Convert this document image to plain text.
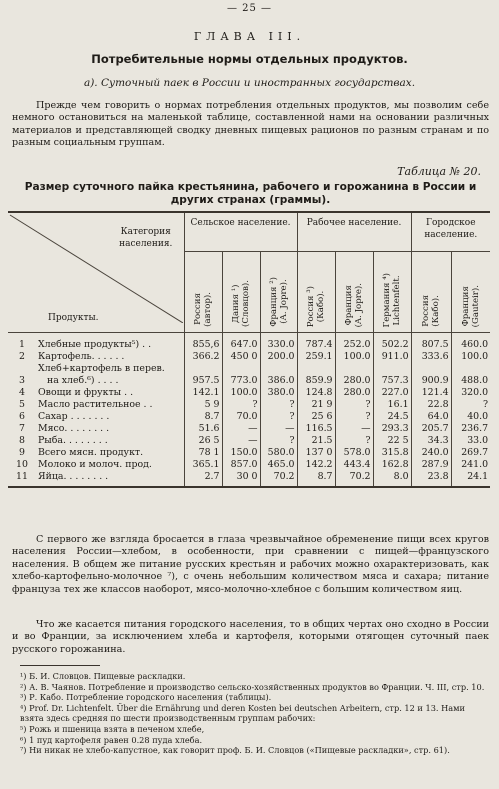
— 25 —
ГЛАВА III.
Потребительные нормы отдельных продуктов.
а). Суточный паек в России и иностранных государствах.

Прежде чем говорить о нормах потребления отдельных продуктов, мы позволим себе немного остановиться на маленькой таблице, составленной нами на основании различных материалов и представляющей сводку дневных пищевых рационов по разным странам и по разным социальным группам.

Таблица № 20.
Размер суточного пайка крестьянина, рабочего и горожанина в России и других странах (граммы).
Категория населения.
Продукты.		Сельское население.			Рабочее население.			Городское население.	
		Россия
(автор).	Дания ¹)
(Словцов).	Франция ²)
(A. Jopre).	Россия ³)
(Кабо).	Франция
(A. Jopre).	Германия ⁴)
Lichtenfelt.	Россия
(Кабо).	Франция
(Gauteir).
1	Хлебные продукты⁵) . .	855,6	647.0	330.0	787.4	252.0	502.2	807.5	460.0
2	Картофель. . . . . .	366.2	450 0	200.0	259.1	100.0	911.0	333.6	100.0
	Хлеб+картофель в перев.								
3	на хлеб.⁶) . . . .	957.5	773.0	386.0	859.9	280.0	757.3	900.9	488.0
4	Овощи и фрукты . .	142.1	100.0	380.0	124.8	280.0	227.0	121.4	320.0
5	Масло растительное . .	5 9	?	?	21 9	?	16.1	22.8	?
6	Сахар . . . . . . .	8.7	70.0	?	25 6	?	24.5	64.0	40.0
7	Мясо. . . . . . . .	51.6	—	—	116.5	—	293.3	205.7	236.7
8	Рыба. . . . . . . .	26 5	—	?	21.5	?	22 5	34.3	33.0
9	Всего мясн. продукт.	78 1	150.0	580.0	137 0	578.0	315.8	240.0	269.7
10	Молоко и молоч. прод.	365.1	857.0	465.0	142.2	443.4	162.8	287.9	241.0
11	Яйца. . . . . . . .	2.7	30 0	70.2	8.7	70.2	8.0	23.8	24.1

С первого же взгляда бросается в глаза чрезвычайное обременение пищи всех кругов населения России—хлебом, в особенности, при сравнении с пищей—французского населения. В общем же питание русских крестьян и рабочих можно охарактеризовать, как хлебо-картофельно-молочное ⁷), с очень небольшим количеством мяса и сахара; питание француза тех же классов наоборот, мясо-молочно-хлебное с большим количеством яиц.

Что же касается питания городского населения, то в общих чертах оно сходно в России и во Франции, за исключением хлеба и картофеля, которыми отягощен суточный паек русского горожанина.

¹) Б. И. Словцов. Пищевые раскладки.
²) А. В. Чаянов. Потребление и производство сельско-хозяйственных продуктов во Франции. Ч. III, стр. 10.
³) Р. Кабо. Потребление городского населения (таблицы).
⁴) Prof. Dr. Lichtenfelt. Über die Ernährung und deren Kosten bei deutschen Arbeitern, стр. 12 и 13. Нами взята здесь средняя по шести производственным группам рабочих:
⁵) Рожь и пшеница взята в печеном хлебе,
⁶) 1 пуд картофеля равен 0.28 пуда хлеба.
⁷) Ни никак не хлебо-капустное, как говорит проф. Б. И. Словцов («Пищевые раскладки», стр. 61).
